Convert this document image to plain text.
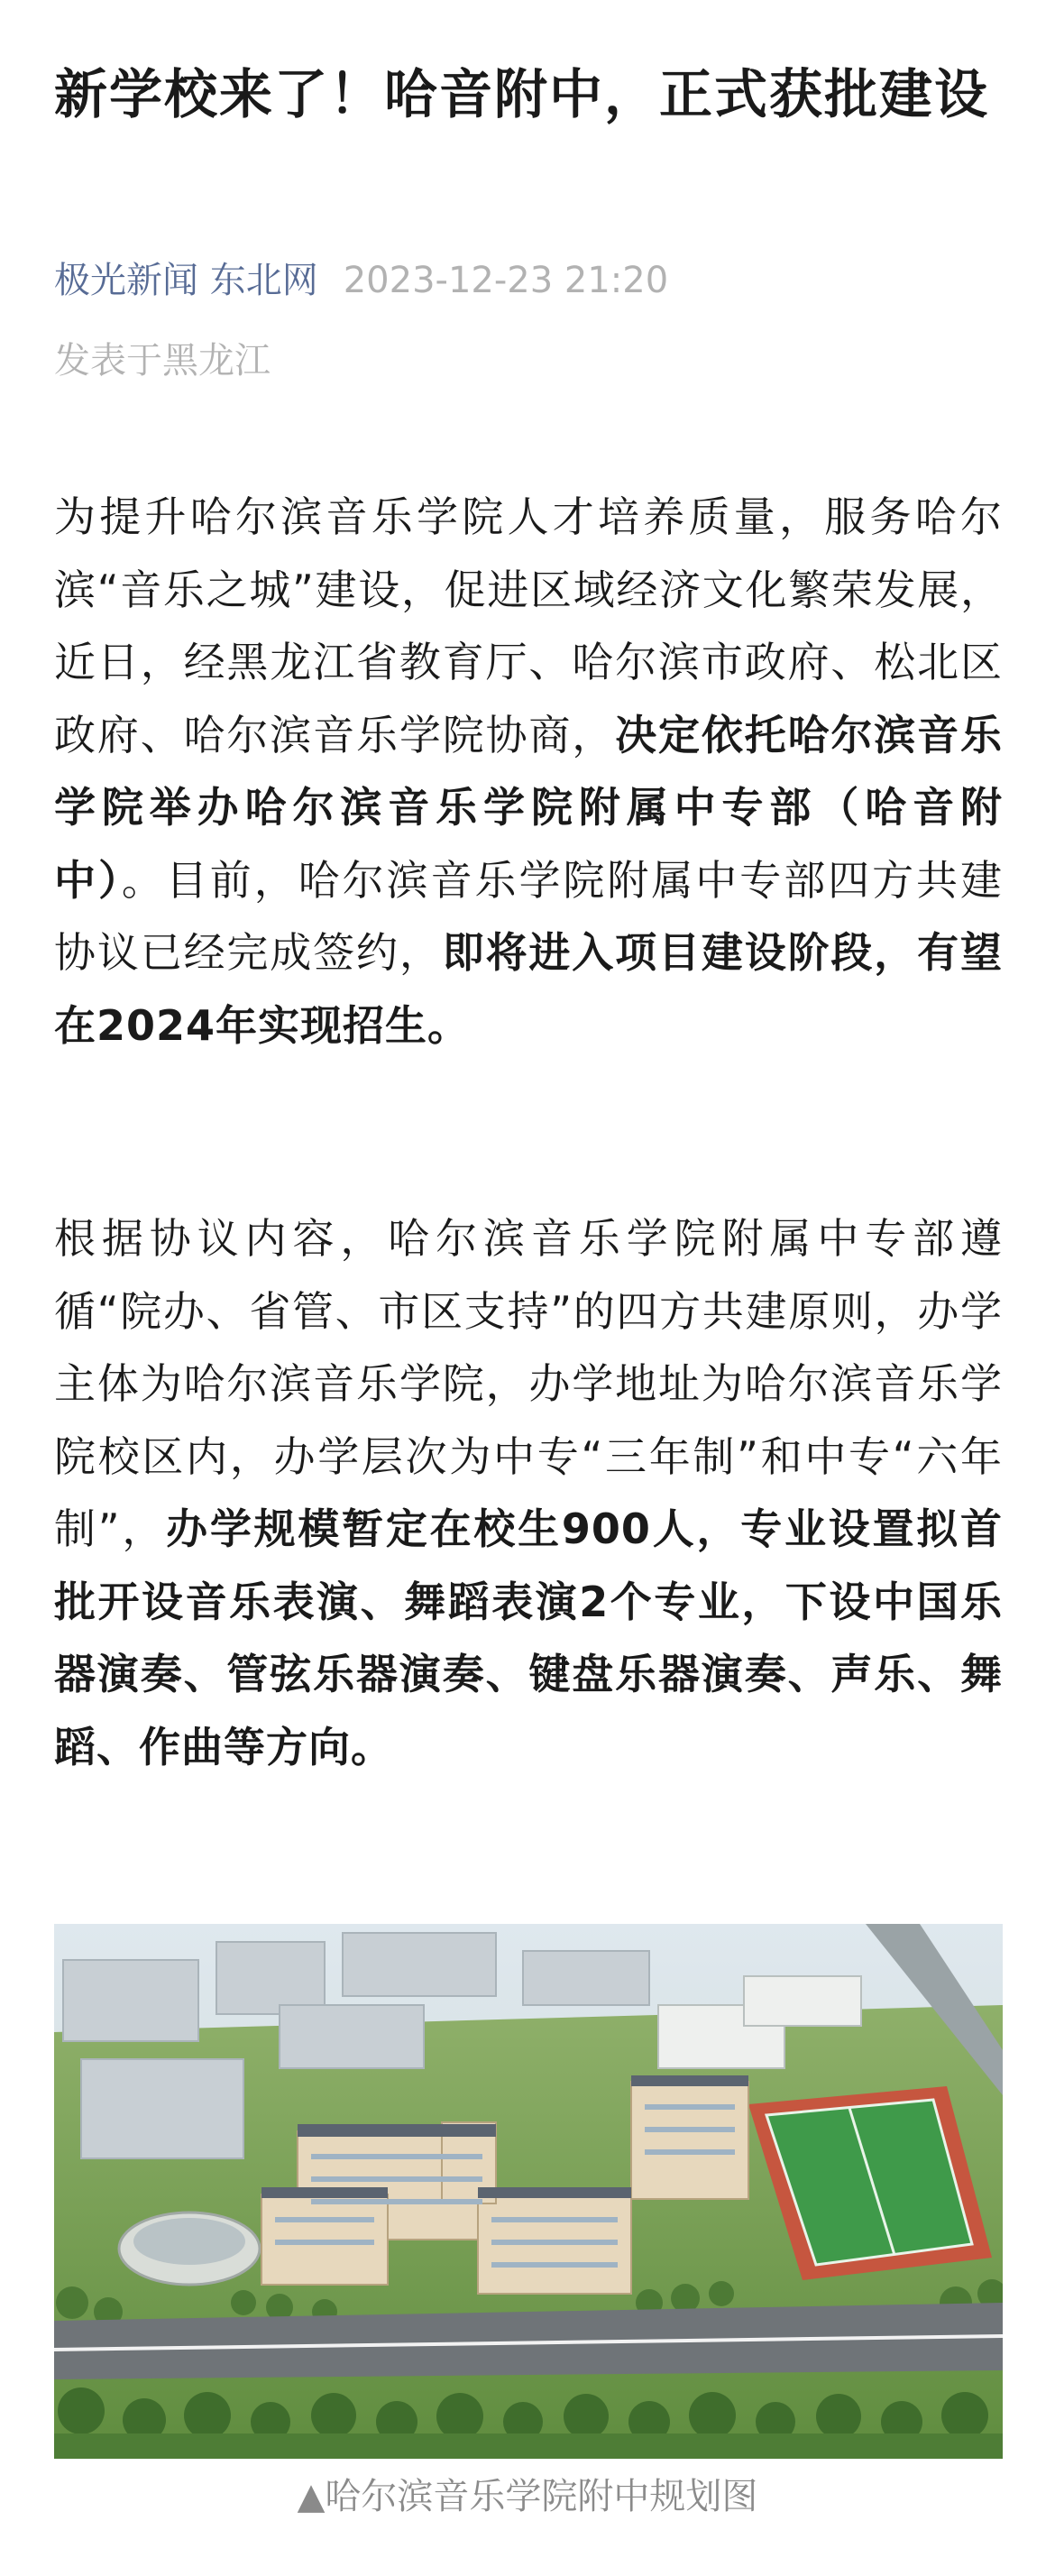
新学校来了！哈音附中，正式获批建设
极光新闻 东北网 2023-12-23 21:20
发表于黑龙江

为提升哈尔滨音乐学院人才培养质量，服务哈尔滨“音乐之城”建设，促进区域经济文化繁荣发展，近日，经黑龙江省教育厅、哈尔滨市政府、松北区政府、哈尔滨音乐学院协商，决定依托哈尔滨音乐学院举办哈尔滨音乐学院附属中专部（哈音附中）。目前，哈尔滨音乐学院附属中专部四方共建协议已经完成签约，即将进入项目建设阶段，有望在2024年实现招生。

根据协议内容，哈尔滨音乐学院附属中专部遵循“院办、省管、市区支持”的四方共建原则，办学主体为哈尔滨音乐学院，办学地址为哈尔滨音乐学院校区内，办学层次为中专“三年制”和中专“六年制”，办学规模暂定在校生900人，专业设置拟首批开设音乐表演、舞蹈表演2个专业，下设中国乐器演奏、管弦乐器演奏、键盘乐器演奏、声乐、舞蹈、作曲等方向。

▲哈尔滨音乐学院附中规划图
